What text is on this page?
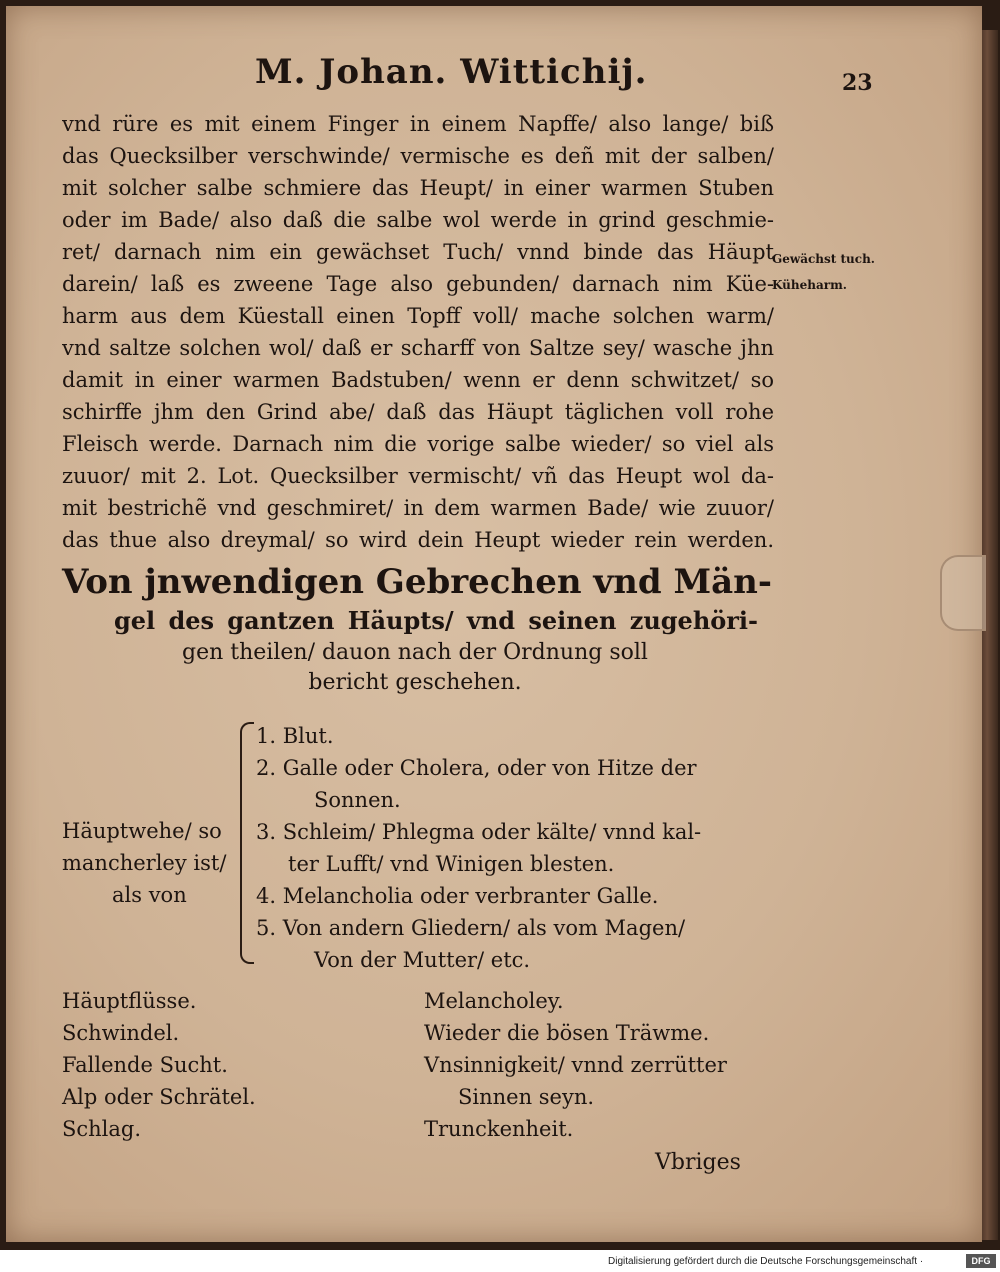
M. Johan. Wittichij.	23
vnd rüre es mit einem Finger in einem Napffe/ also lange/ biß
das Quecksilber verschwinde/ vermische es deñ mit der salben/
mit solcher salbe schmiere das Heupt/ in einer warmen Stuben
oder im Bade/ also daß die salbe wol werde in grind geschmie-
ret/ darnach nim ein gewächset Tuch/ vnnd binde das Häupt
darein/ laß es zweene Tage also gebunden/ darnach nim Küe-
harm aus dem Küestall einen Topff voll/ mache solchen warm/
vnd saltze solchen wol/ daß er scharff von Saltze sey/ wasche jhn
damit in einer warmen Badstuben/ wenn er denn schwitzet/ so
schirffe jhm den Grind abe/ daß das Häupt täglichen voll rohe
Fleisch werde. Darnach nim die vorige salbe wieder/ so viel als
zuuor/ mit 2. Lot. Quecksilber vermischt/ vñ das Heupt wol da-
mit bestrichẽ vnd geschmiret/ in dem warmen Bade/ wie zuuor/
das thue also dreymal/ so wird dein Heupt wieder rein werden.
Gewächst tuch.
Küheharm.
Von jnwendigen Gebrechen vnd Män-
gel des gantzen Häupts/ vnd seinen zugehöri-
gen theilen/ dauon nach der Ordnung soll
bericht geschehen.
Häuptwehe/ so
mancherley ist/
als von
1. Blut.
2. Galle oder Cholera, oder von Hitze der
Sonnen.
3. Schleim/ Phlegma oder kälte/ vnnd kal-
ter Lufft/ vnd Winigen blesten.
4. Melancholia oder verbranter Galle.
5. Von andern Gliedern/ als vom Magen/
Von der Mutter/ etc.
Häuptflüsse.
Schwindel.
Fallende Sucht.
Alp oder Schrätel.
Schlag.
Melancholey.
Wieder die bösen Träwme.
Vnsinnigkeit/ vnnd zerrütter
Sinnen seyn.
Trunckenheit.
Vbriges
Digitalisierung gefördert durch die Deutsche Forschungsgemeinschaft ·	DFG
